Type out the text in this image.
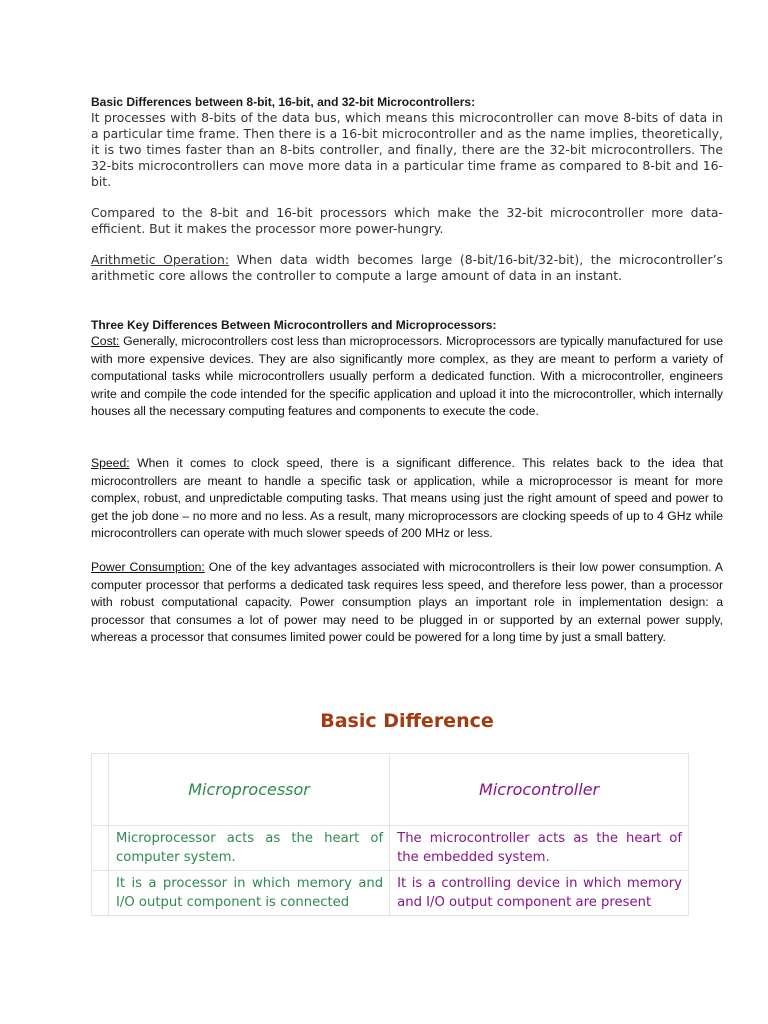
Basic Differences between 8-bit, 16-bit, and 32-bit Microcontrollers:

It processes with 8-bits of the data bus, which means this microcontroller can move 8-bits of data in a particular time frame. Then there is a 16-bit microcontroller and as the name implies, theoretically, it is two times faster than an 8-bits controller, and finally, there are the 32-bit microcontrollers. The 32-bits microcontrollers can move more data in a particular time frame as compared to 8-bit and 16-bit.

Compared to the 8-bit and 16-bit processors which make the 32-bit microcontroller more data-efficient. But it makes the processor more power-hungry.

Arithmetic Operation: When data width becomes large (8-bit/16-bit/32-bit), the microcontroller’s arithmetic core allows the controller to compute a large amount of data in an instant.

Three Key Differences Between Microcontrollers and Microprocessors:

Cost: Generally, microcontrollers cost less than microprocessors. Microprocessors are typically manufactured for use with more expensive devices. They are also significantly more complex, as they are meant to perform a variety of computational tasks while microcontrollers usually perform a dedicated function. With a microcontroller, engineers write and compile the code intended for the specific application and upload it into the microcontroller, which internally houses all the necessary computing features and components to execute the code.

Speed: When it comes to clock speed, there is a significant difference. This relates back to the idea that microcontrollers are meant to handle a specific task or application, while a microprocessor is meant for more complex, robust, and unpredictable computing tasks. That means using just the right amount of speed and power to get the job done – no more and no less. As a result, many microprocessors are clocking speeds of up to 4 GHz while microcontrollers can operate with much slower speeds of 200 MHz or less.

Power Consumption: One of the key advantages associated with microcontrollers is their low power consumption. A computer processor that performs a dedicated task requires less speed, and therefore less power, than a processor with robust computational capacity. Power consumption plays an important role in implementation design: a processor that consumes a lot of power may need to be plugged in or supported by an external power supply, whereas a processor that consumes limited power could be powered for a long time by just a small battery.

Basic Difference
	Microprocessor	Microcontroller
	Microprocessor acts as the heart of computer system.	The microcontroller acts as the heart of the embedded system.

	It is a processor in which memory and I/O output component is connected	It is a controlling device in which memory and I/O output component are present
